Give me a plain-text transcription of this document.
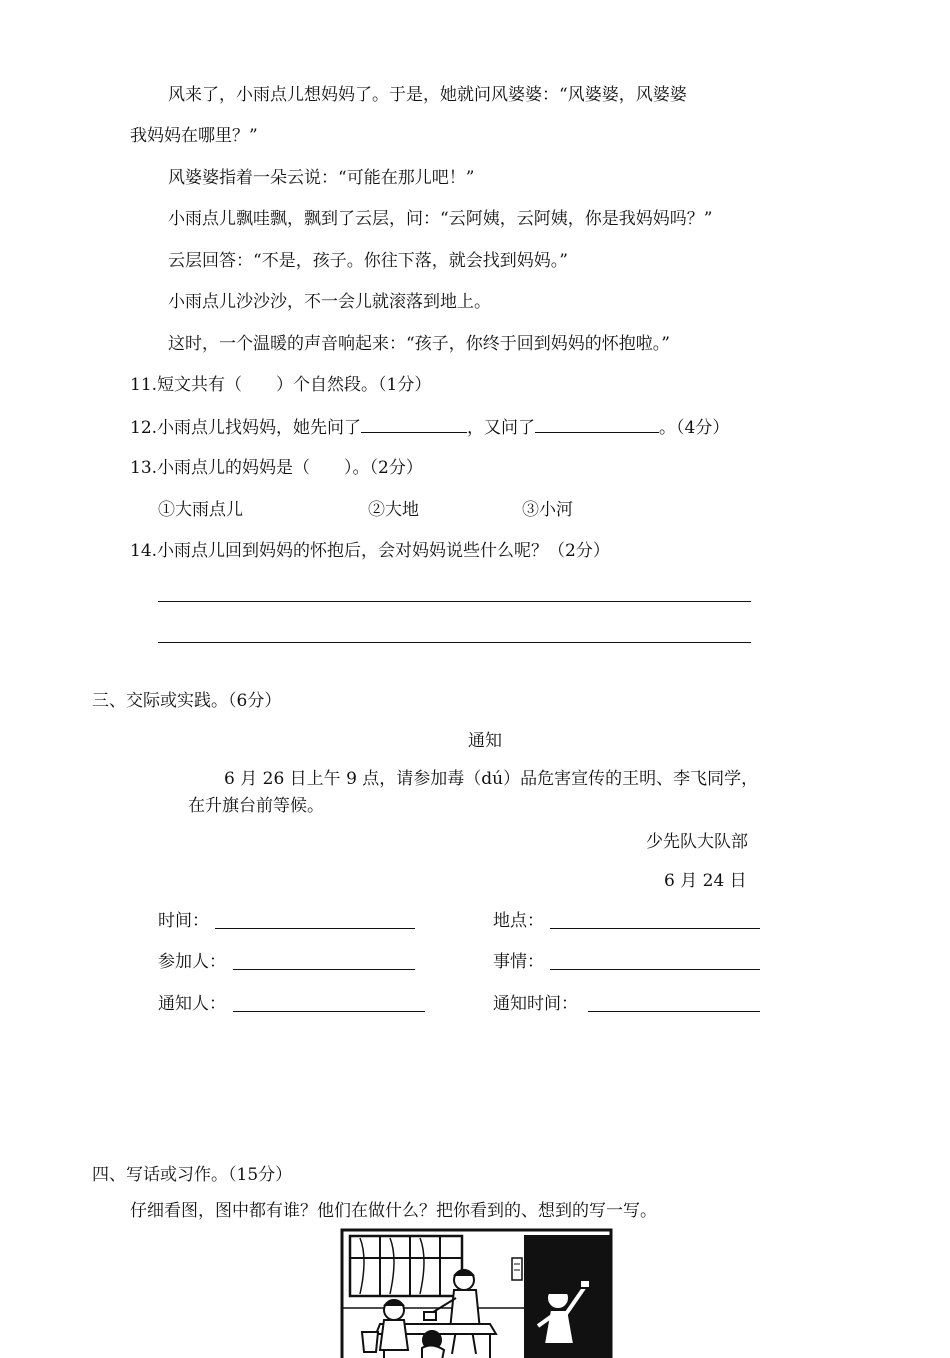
风来了，小雨点儿想妈妈了。于是，她就问风婆婆：“风婆婆，风婆婆
我妈妈在哪里？”
风婆婆指着一朵云说：“可能在那儿吧！”
小雨点儿飘哇飘，飘到了云层，问：“云阿姨，云阿姨，你是我妈妈吗？”
云层回答：“不是，孩子。你往下落，就会找到妈妈。”
小雨点儿沙沙沙，不一会儿就滚落到地上。
这时，一个温暖的声音响起来：“孩子，你终于回到妈妈的怀抱啦。”
11.短文共有（　　）个自然段。（1分）
12.小雨点儿找妈妈，她先问了	，又问了	。（4分）
13.小雨点儿的妈妈是（　　）。（2分）
①大雨点儿	②大地	③小河
14.小雨点儿回到妈妈的怀抱后，会对妈妈说些什么呢？（2分）
三、交际或实践。（6分）
通知
6 月 26 日上午 9 点，请参加毒（dú）品危害宣传的王明、李飞同学，
在升旗台前等候。
少先队大队部
6 月 24 日
时间：	地点：
参加人：	事情：
通知人：	通知时间：
四、写话或习作。（15分）
仔细看图，图中都有谁？他们在做什么？把你看到的、想到的写一写。
